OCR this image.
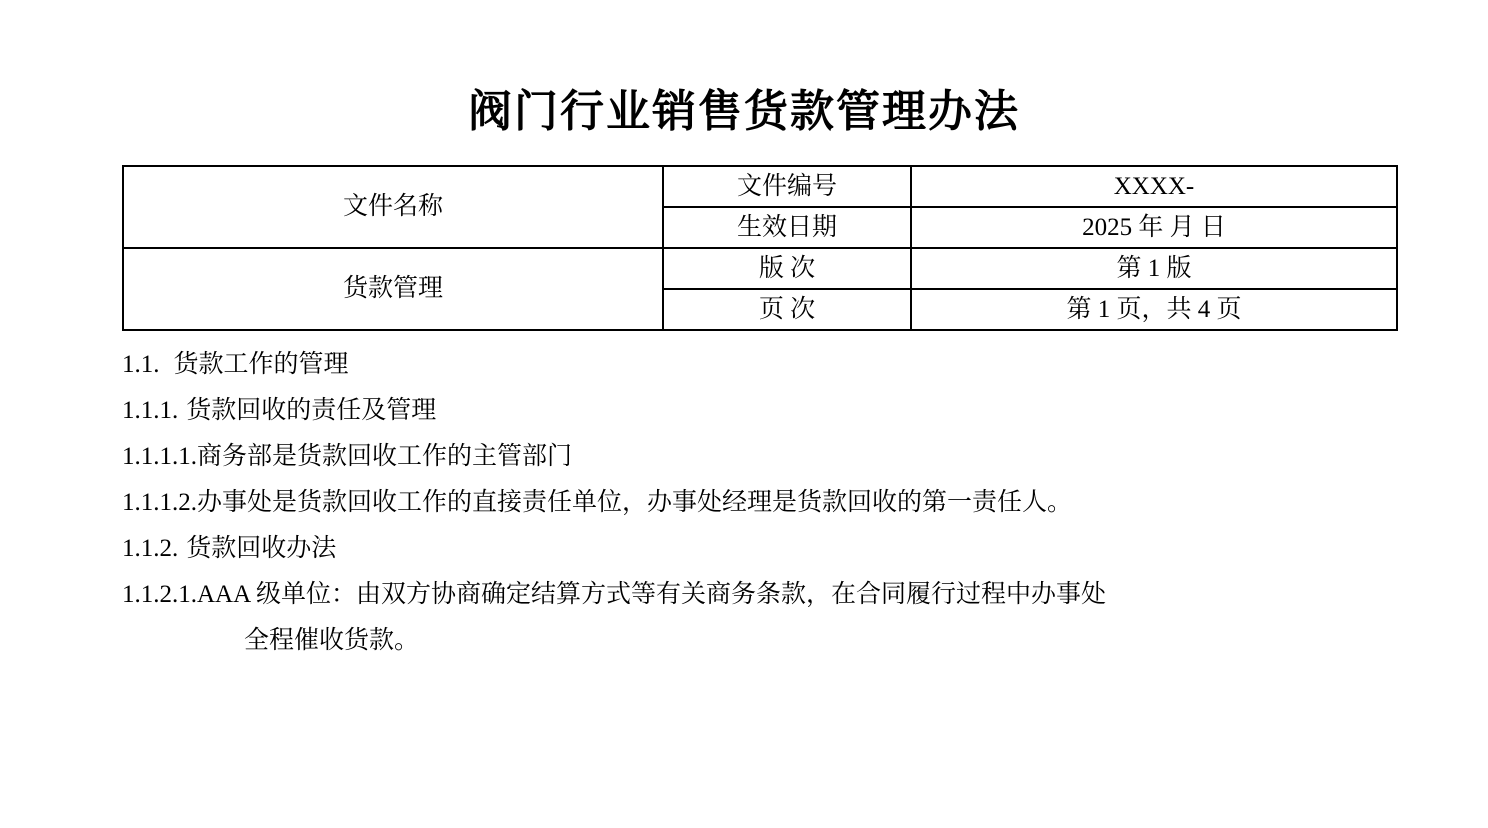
阀门行业销售货款管理办法
文件名称	文件编号	XXXX-
	生效日期	2025 年 月 日
货款管理	版 次	第 1 版
	页 次	第 1 页，共 4 页

1.1. 货款工作的管理

1.1.1. 货款回收的责任及管理

1.1.1.1.商务部是货款回收工作的主管部门

1.1.1.2.办事处是货款回收工作的直接责任单位，办事处经理是货款回收的第一责任人。

1.1.2. 货款回收办法

1.1.2.1.AAA 级单位：由双方协商确定结算方式等有关商务条款，在合同履行过程中办事处

全程催收货款。
